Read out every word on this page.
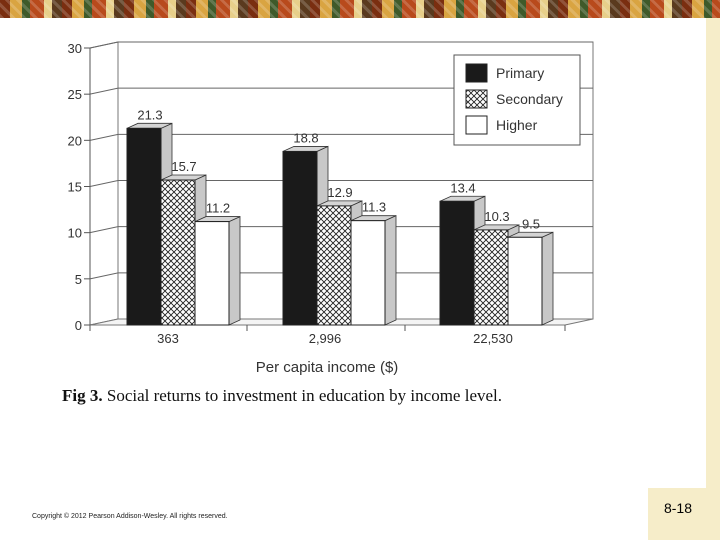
0
5
10
15
20
25
30
21.3
18.8
13.4
15.7
12.9
10.3
11.2	11.3
9.5
363	2,996	22,530
Per capita income ($)
Primary
Secondary
Higher
Fig 3. Social returns to investment in education by income level.
Copyright © 2012 Pearson Addison-Wesley. All rights reserved.
8-18
